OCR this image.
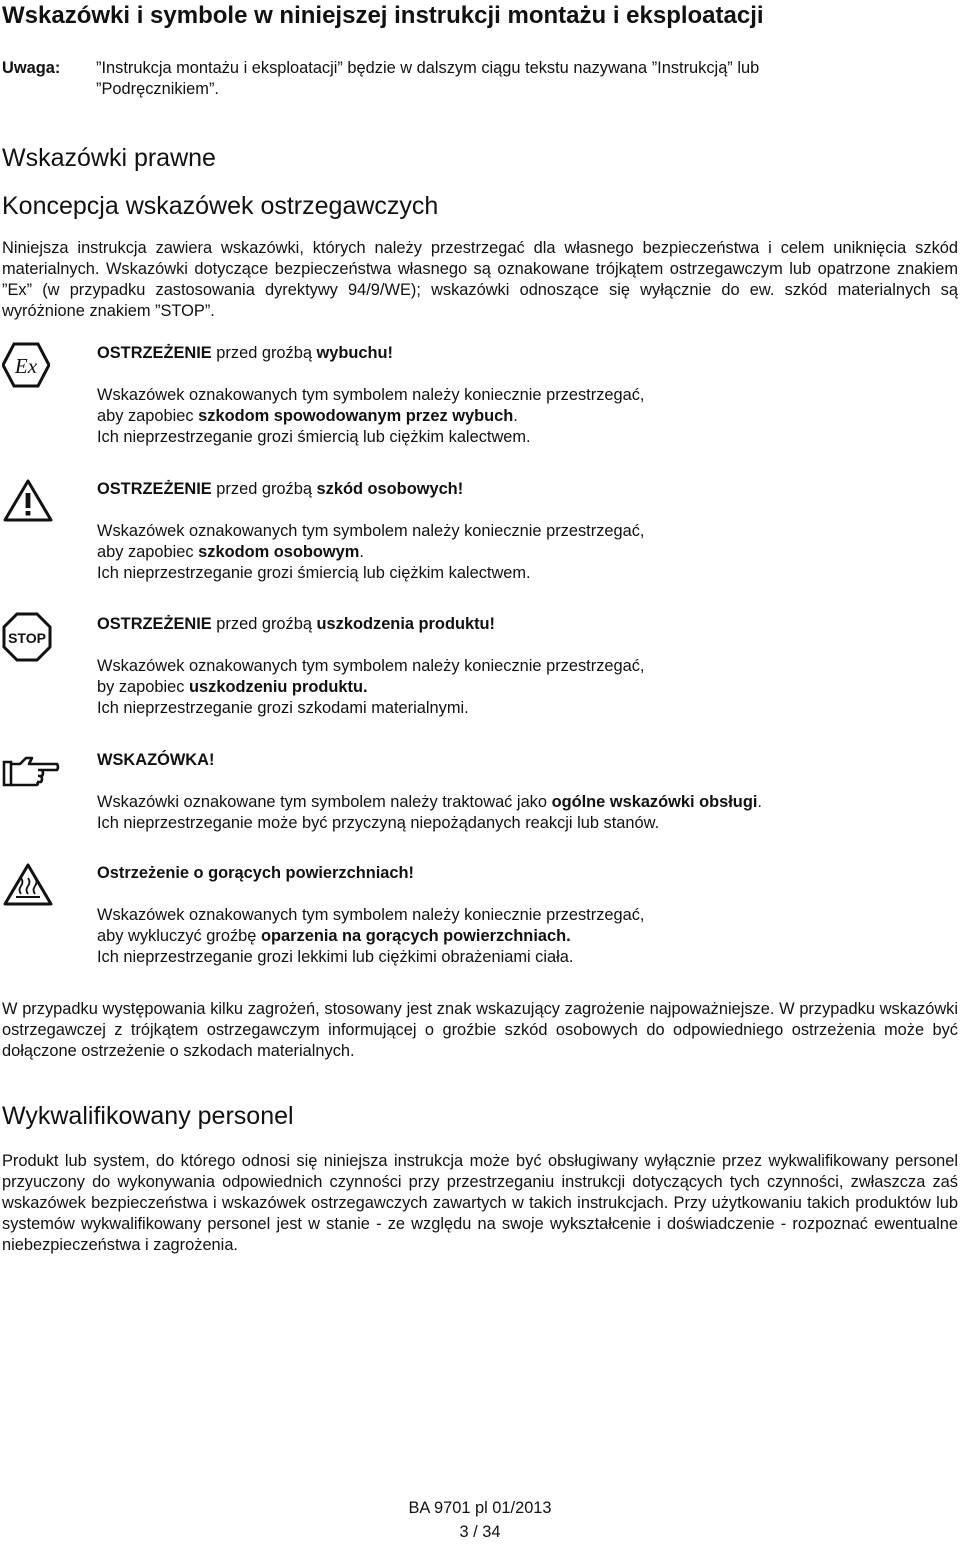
Wskazówki i symbole w niniejszej instrukcji montażu i eksploatacji
Uwaga: ”Instrukcja montażu i eksploatacji” będzie w dalszym ciągu tekstu nazywana ”Instrukcją” lub ”Podręcznikiem”.
Wskazówki prawne
Koncepcja wskazówek ostrzegawczych

Niniejsza instrukcja zawiera wskazówki, których należy przestrzegać dla własnego bezpieczeństwa i celem uniknięcia szkód materialnych. Wskazówki dotyczące bezpieczeństwa własnego są oznakowane trójkątem ostrzegawczym lub opatrzone znakiem ”Ex” (w przypadku zastosowania dyrektywy 94/9/WE); wskazówki odnoszące się wyłącznie do ew. szkód materialnych są wyróżnione znakiem ”STOP”.

Ex
OSTRZEŻENIE przed groźbą wybuchu!
Wskazówek oznakowanych tym symbolem należy koniecznie przestrzegać,
aby zapobiec szkodom spowodowanym przez wybuch.
Ich nieprzestrzeganie grozi śmiercią lub ciężkim kalectwem.
OSTRZEŻENIE przed groźbą szkód osobowych!
Wskazówek oznakowanych tym symbolem należy koniecznie przestrzegać,
aby zapobiec szkodom osobowym.
Ich nieprzestrzeganie grozi śmiercią lub ciężkim kalectwem.
STOP
OSTRZEŻENIE przed groźbą uszkodzenia produktu!
Wskazówek oznakowanych tym symbolem należy koniecznie przestrzegać,
by zapobiec uszkodzeniu produktu.
Ich nieprzestrzeganie grozi szkodami materialnymi.
WSKAZÓWKA!
Wskazówki oznakowane tym symbolem należy traktować jako ogólne wskazówki obsługi.
Ich nieprzestrzeganie może być przyczyną niepożądanych reakcji lub stanów.
Ostrzeżenie o gorących powierzchniach!
Wskazówek oznakowanych tym symbolem należy koniecznie przestrzegać,
aby wykluczyć groźbę oparzenia na gorących powierzchniach.
Ich nieprzestrzeganie grozi lekkimi lub ciężkimi obrażeniami ciała.

W przypadku występowania kilku zagrożeń, stosowany jest znak wskazujący zagrożenie najpoważniejsze. W przypadku wskazówki ostrzegawczej z trójkątem ostrzegawczym informującej o groźbie szkód osobowych do odpowiedniego ostrzeżenia może być dołączone ostrzeżenie o szkodach materialnych.

Wykwalifikowany personel

Produkt lub system, do którego odnosi się niniejsza instrukcja może być obsługiwany wyłącznie przez wykwalifikowany personel przyuczony do wykonywania odpowiednich czynności przy przestrzeganiu instrukcji dotyczących tych czynności, zwłaszcza zaś wskazówek bezpieczeństwa i wskazówek ostrzegawczych zawartych w takich instrukcjach. Przy użytkowaniu takich produktów lub systemów wykwalifikowany personel jest w stanie - ze względu na swoje wykształcenie i doświadczenie - rozpoznać ewentualne niebezpieczeństwa i zagrożenia.

BA 9701 pl 01/2013
3 / 34
